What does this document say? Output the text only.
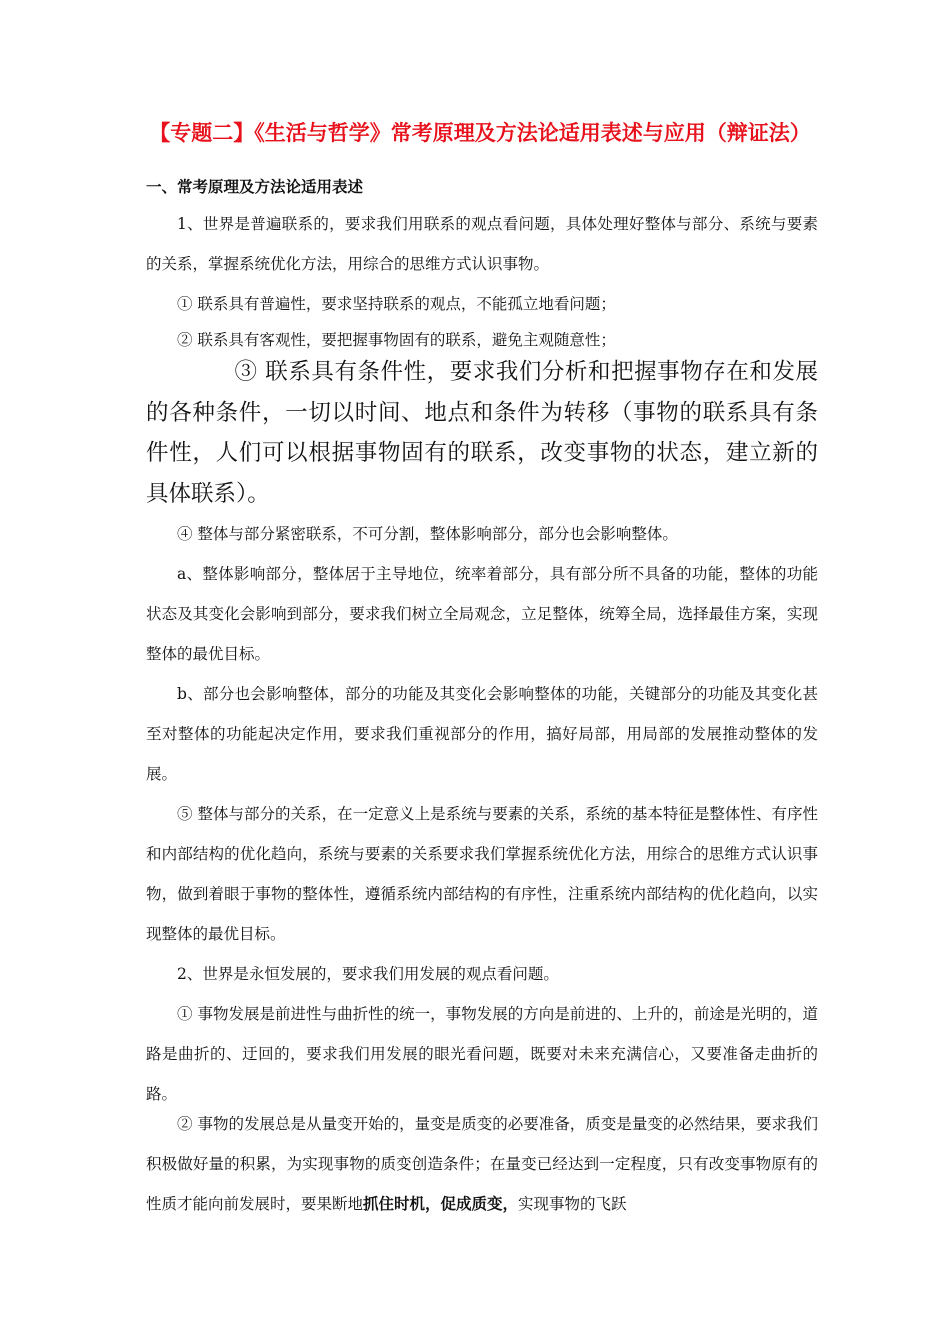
【专题二】《生活与哲学》常考原理及方法论适用表述与应用（辩证法）
一、常考原理及方法论适用表述

1、世界是普遍联系的，要求我们用联系的观点看问题，具体处理好整体与部分、系统与要素的关系，掌握系统优化方法，用综合的思维方式认识事物。

① 联系具有普遍性，要求坚持联系的观点，不能孤立地看问题；

② 联系具有客观性，要把握事物固有的联系，避免主观随意性；

③ 联系具有条件性，要求我们分析和把握事物存在和发展的各种条件，一切以时间、地点和条件为转移（事物的联系具有条件性，人们可以根据事物固有的联系，改变事物的状态，建立新的具体联系）。

④ 整体与部分紧密联系，不可分割，整体影响部分，部分也会影响整体。

a、整体影响部分，整体居于主导地位，统率着部分，具有部分所不具备的功能，整体的功能状态及其变化会影响到部分，要求我们树立全局观念，立足整体，统筹全局，选择最佳方案，实现整体的最优目标。

b、部分也会影响整体，部分的功能及其变化会影响整体的功能，关键部分的功能及其变化甚至对整体的功能起决定作用，要求我们重视部分的作用，搞好局部，用局部的发展推动整体的发展。

⑤ 整体与部分的关系，在一定意义上是系统与要素的关系，系统的基本特征是整体性、有序性和内部结构的优化趋向，系统与要素的关系要求我们掌握系统优化方法，用综合的思维方式认识事物，做到着眼于事物的整体性，遵循系统内部结构的有序性，注重系统内部结构的优化趋向，以实现整体的最优目标。

2、世界是永恒发展的，要求我们用发展的观点看问题。

① 事物发展是前进性与曲折性的统一，事物发展的方向是前进的、上升的，前途是光明的，道路是曲折的、迂回的，要求我们用发展的眼光看问题，既要对未来充满信心，又要准备走曲折的路。

② 事物的发展总是从量变开始的，量变是质变的必要准备，质变是量变的必然结果，要求我们积极做好量的积累，为实现事物的质变创造条件；在量变已经达到一定程度，只有改变事物原有的性质才能向前发展时，要果断地抓住时机，促成质变，实现事物的飞跃
